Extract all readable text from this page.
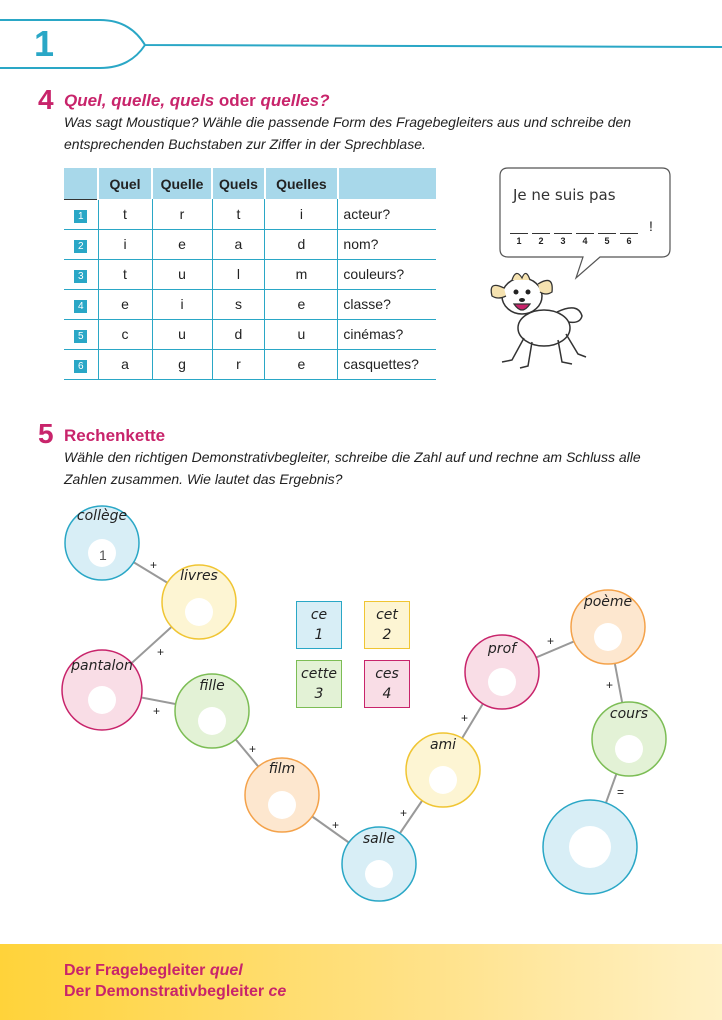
1
4 Quel, quelle, quels oder quelles?
Was sagt Moustique? Wähle die passende Form des Fragebegleiters aus und schreibe den
entsprechenden Buchstaben zur Ziffer in der Sprechblase.
	Quel	Quelle	Quels	Quelles	
1	t	r	t	i	acteur?
2	i	e	a	d	nom?
3	t	u	l	m	couleurs?
4	e	i	s	e	classe?
5	c	u	d	u	cinémas?
6	a	g	r	e	casquettes?
Je ne suis pas
1	2	3	4	5	6
!
5 Rechenkette
Wähle den richtigen Demonstrativbegleiter, schreibe die Zahl auf und rechne am Schluss alle
Zahlen zusammen. Wie lautet das Ergebnis?
collège
livres
pantalon
fille
film
salle
ami
prof
poème
cours
+
+
+
+
+
+
+
+
+
=
1
ce
1
cet
2
cette
3
ces
4
Der Fragebegleiter quel
Der Demonstrativbegleiter ce
